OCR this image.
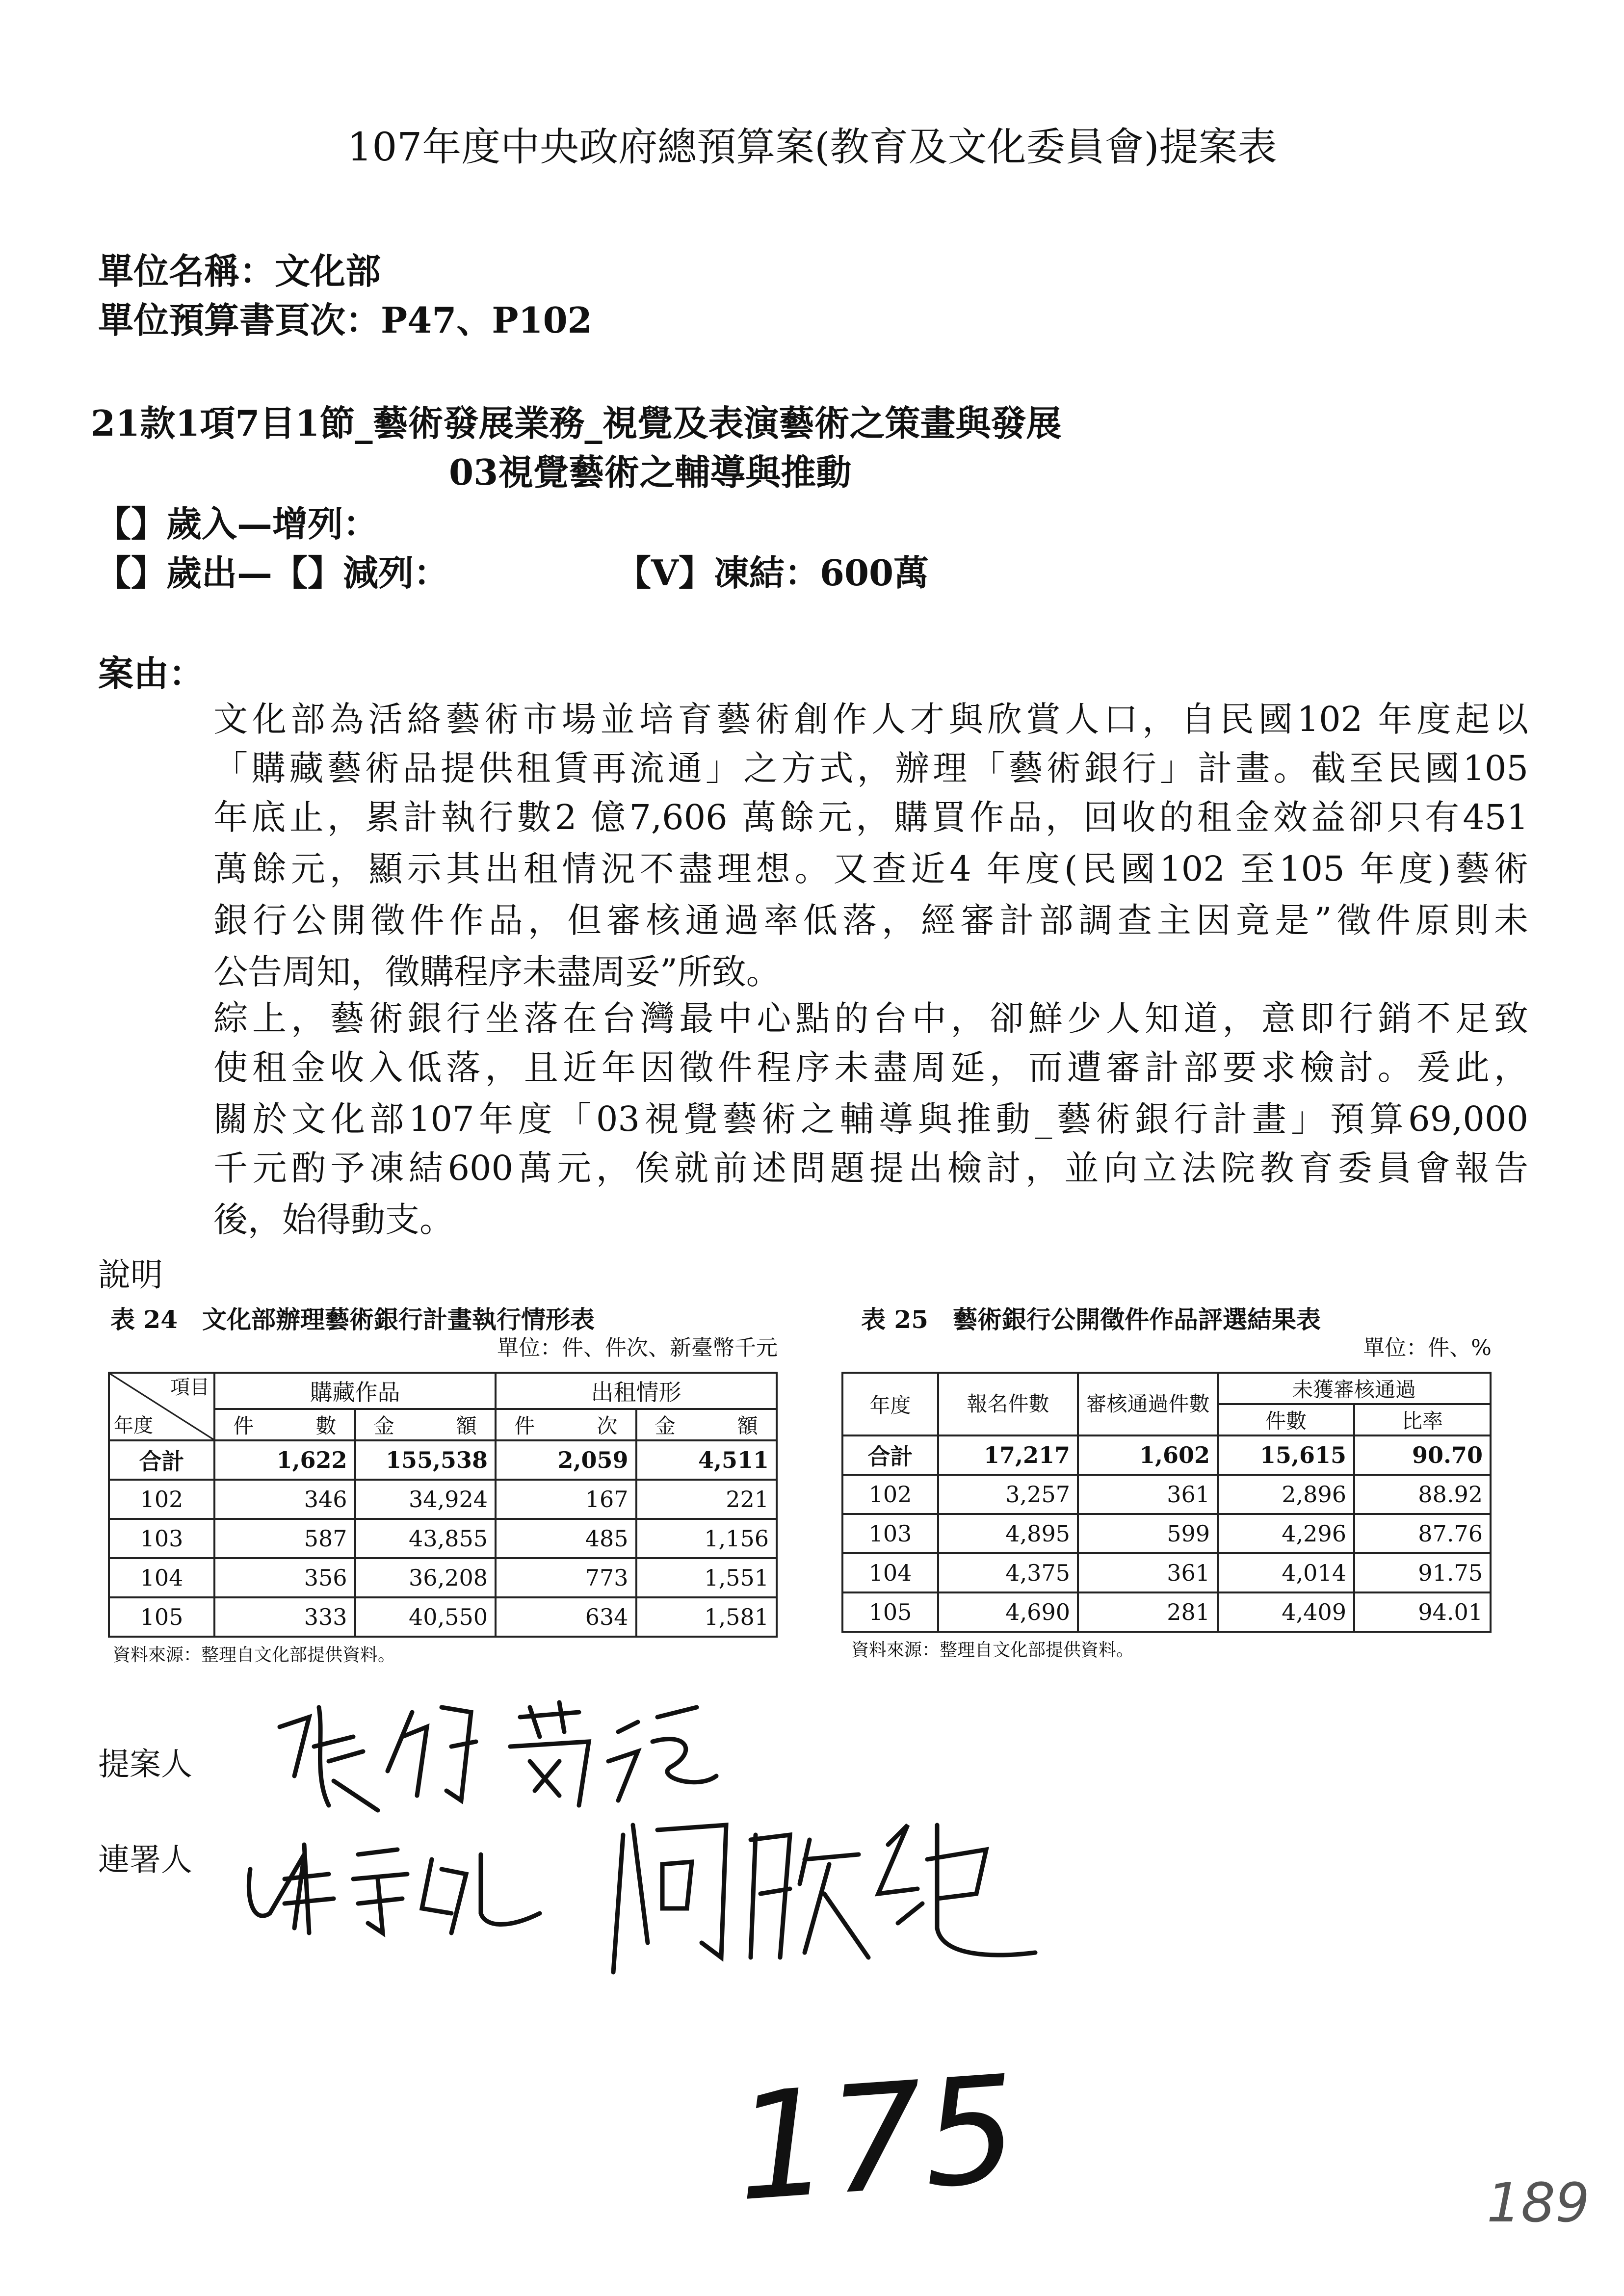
107年度中央政府總預算案(教育及文化委員會)提案表
單位名稱：文化部
單位預算書頁次：P47、P102
21款1項7目1節_藝術發展業務_視覺及表演藝術之策畫與發展
03視覺藝術之輔導與推動
【】歲入—增列：
【】歲出—【】減列：	【V】凍結：600萬
案由：
文化部為活絡藝術市場並培育藝術創作人才與欣賞人口，自民國102 年度起以
「購藏藝術品提供租賃再流通」之方式，辦理「藝術銀行」計畫。截至民國105
年底止，累計執行數2 億7,606 萬餘元，購買作品，回收的租金效益卻只有451
萬餘元，顯示其出租情況不盡理想。又查近4 年度(民國102 至105 年度)藝術
銀行公開徵件作品，但審核通過率低落，經審計部調查主因竟是”徵件原則未
公告周知，徵購程序未盡周妥”所致。
綜上，藝術銀行坐落在台灣最中心點的台中，卻鮮少人知道，意即行銷不足致
使租金收入低落，且近年因徵件程序未盡周延，而遭審計部要求檢討。爰此，
關於文化部107年度「03視覺藝術之輔導與推動_藝術銀行計畫」預算69,000
千元酌予凍結600萬元，俟就前述問題提出檢討，並向立法院教育委員會報告
後，始得動支。
說明
表 24　文化部辦理藝術銀行計畫執行情形表
單位：件、件次、新臺幣千元
項目
年度	購藏作品		出租情形	
	件　　　數	金　　　額	件　　　次	金　　　額
合計	1,622	155,538	2,059	4,511
102	346	34,924	167	221
103	587	43,855	485	1,156
104	356	36,208	773	1,551
105	333	40,550	634	1,581
資料來源：整理自文化部提供資料。
表 25　藝術銀行公開徵件作品評選結果表
單位：件、%
年度	報名件數	審核通過件數	未獲審核通過	
			件數	比率
合計	17,217	1,602	15,615	90.70
102	3,257	361	2,896	88.92
103	4,895	599	4,296	87.76
104	4,375	361	4,014	91.75
105	4,690	281	4,409	94.01
資料來源：整理自文化部提供資料。
提案人
連署人
175	189
